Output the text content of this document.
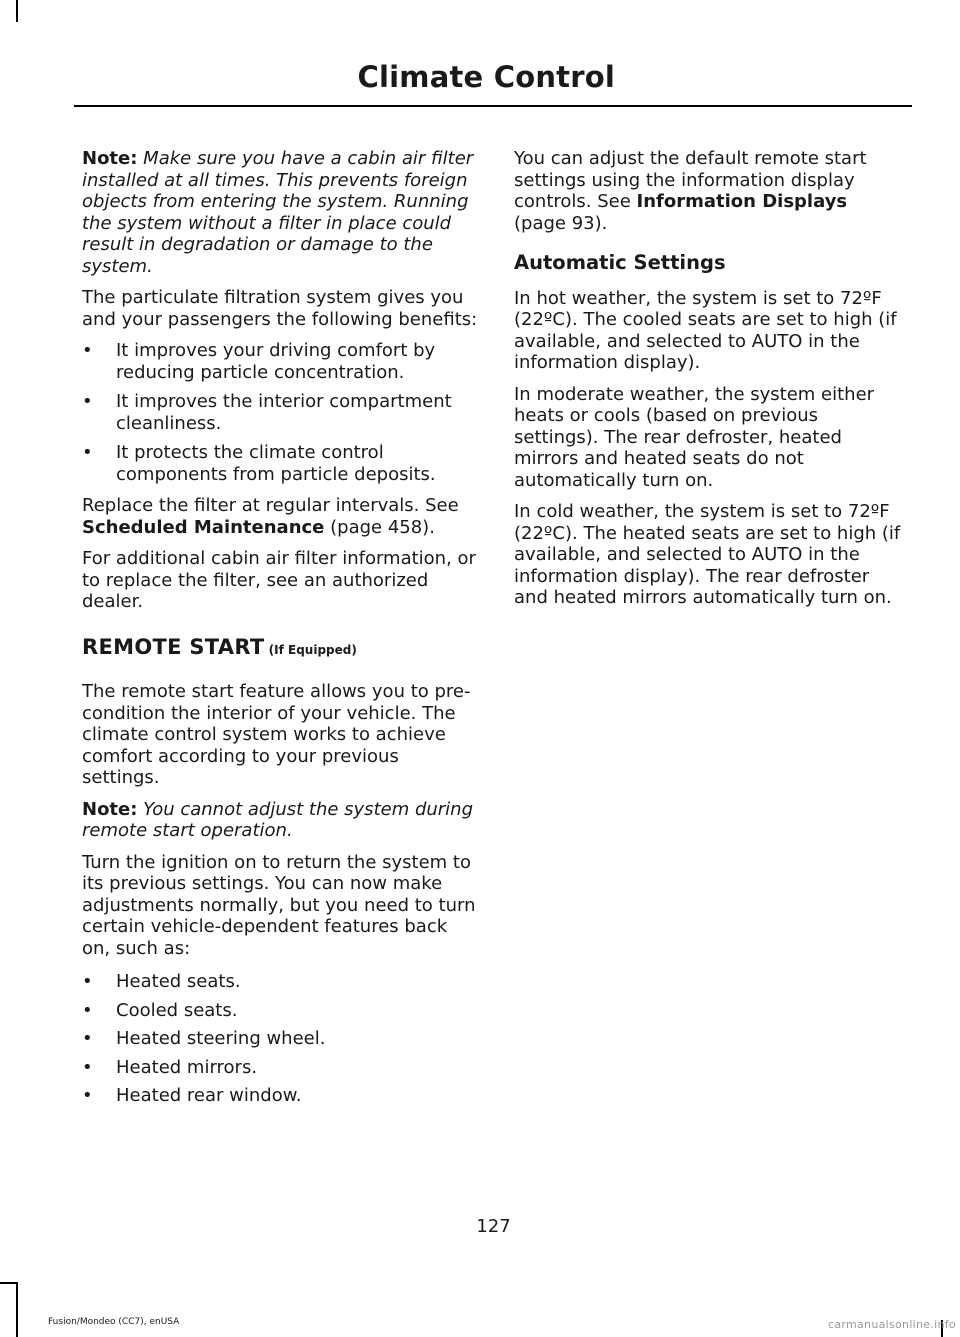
Climate Control

Note: Make sure you have a cabin air filter installed at all times. This prevents foreign objects from entering the system. Running the system without a filter in place could result in degradation or damage to the system.

The particulate filtration system gives you and your passengers the following benefits:

• It improves your driving comfort by reducing particle concentration.
• It improves the interior compartment cleanliness.
• It protects the climate control components from particle deposits.

Replace the filter at regular intervals. See Scheduled Maintenance (page 458).

For additional cabin air filter information, or to replace the filter, see an authorized dealer.

REMOTE START (If Equipped)

The remote start feature allows you to pre-condition the interior of your vehicle. The climate control system works to achieve comfort according to your previous settings.

Note: You cannot adjust the system during remote start operation.

Turn the ignition on to return the system to its previous settings. You can now make adjustments normally, but you need to turn certain vehicle-dependent features back on, such as:

• Heated seats.
• Cooled seats.
• Heated steering wheel.
• Heated mirrors.
• Heated rear window.

You can adjust the default remote start settings using the information display controls. See Information Displays (page 93).

Automatic Settings

In hot weather, the system is set to 72ºF (22ºC). The cooled seats are set to high (if available, and selected to AUTO in the information display).

In moderate weather, the system either heats or cools (based on previous settings). The rear defroster, heated mirrors and heated seats do not automatically turn on.

In cold weather, the system is set to 72ºF (22ºC). The heated seats are set to high (if available, and selected to AUTO in the information display). The rear defroster and heated mirrors automatically turn on.

127
Fusion/Mondeo (CC7), enUSA	carmanualsonline.info
